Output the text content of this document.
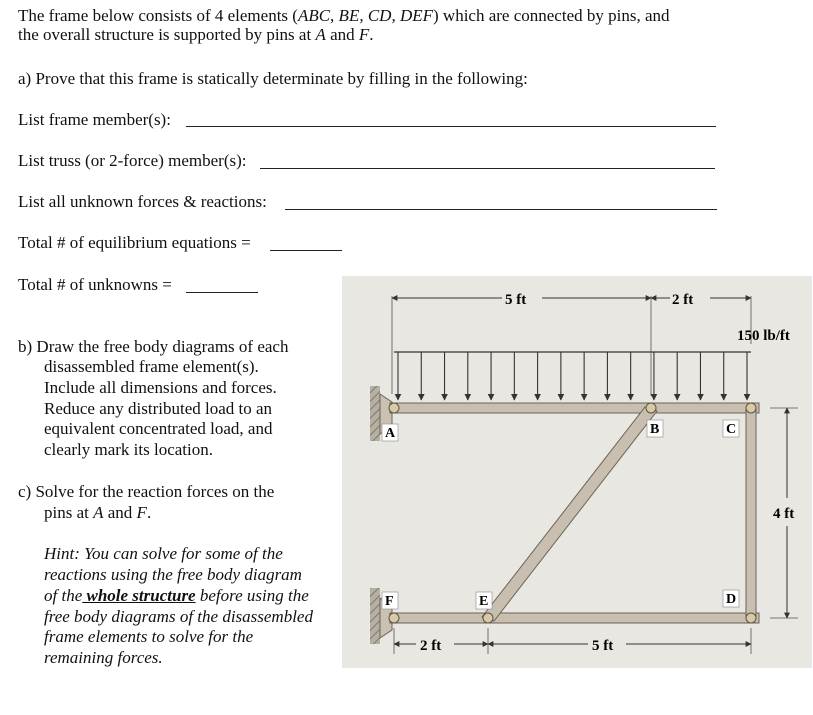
The frame below consists of 4 elements (ABC, BE, CD, DEF) which are connected by pins, and
the overall structure is supported by pins at A and F.
a) Prove that this frame is statically determinate by filling in the following:
List frame member(s):
List truss (or 2-force) member(s):
List all unknown forces & reactions:
Total # of equilibrium equations =
Total # of unknowns =
b) Draw the free body diagrams of each
disassembled frame element(s).
Include all dimensions and forces.
Reduce any distributed load to an
equivalent concentrated load, and
clearly mark its location.
c) Solve for the reaction forces on the
pins at A and F.
Hint: You can solve for some of the
reactions using the free body diagram
of the whole structure before using the
free body diagrams of the disassembled
frame elements to solve for the
remaining forces.
5 ft	2 ft
150 lb/ft
4 ft
2 ft	5 ft
A	B	C
D
E
F
